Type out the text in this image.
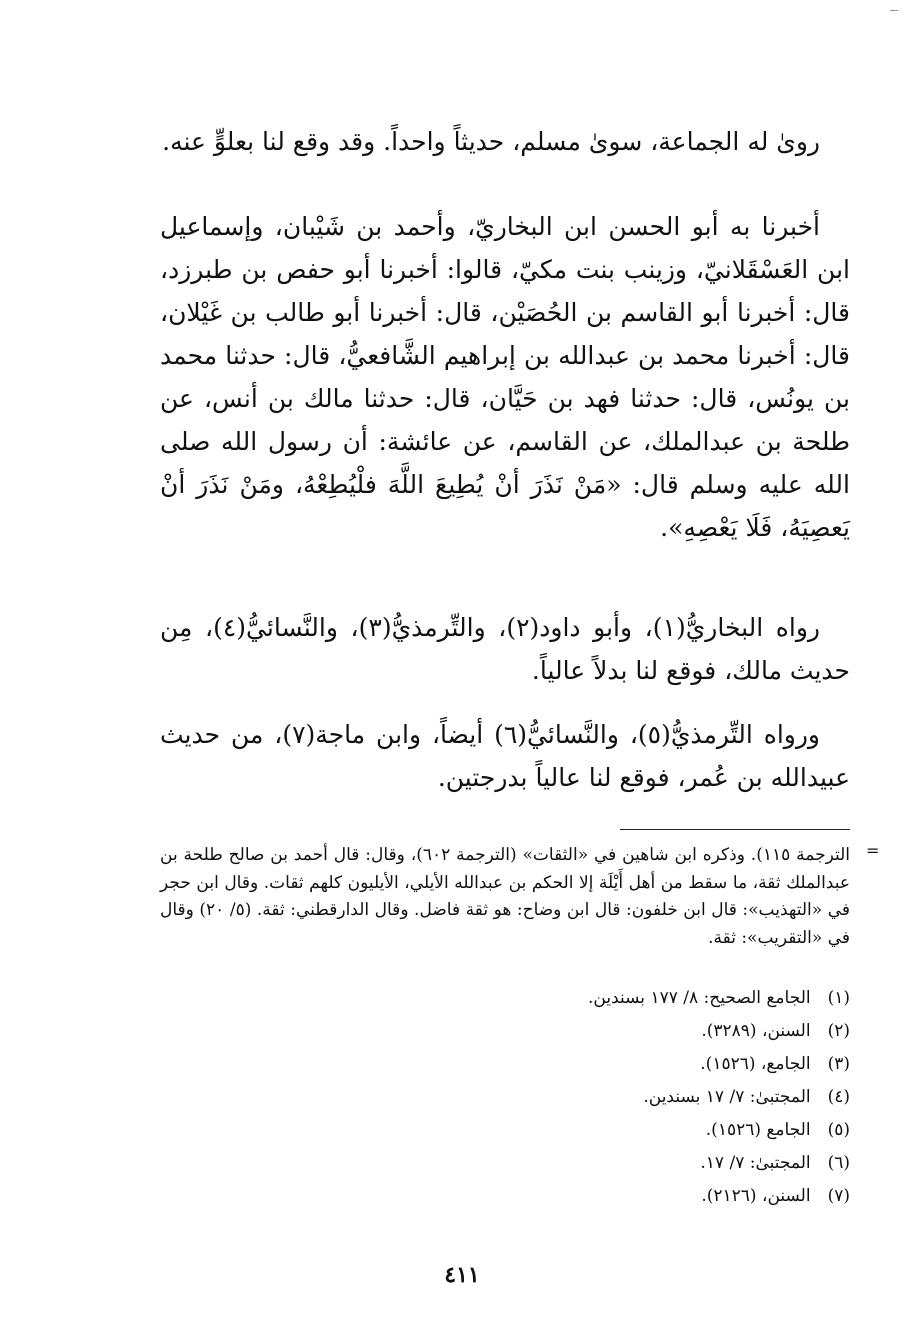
روىٰ له الجماعة، سوىٰ مسلم، حديثاً واحداً. وقد وقع لنا بعلوٍّ عنه.

أخبرنا به أبو الحسن ابن البخاريّ، وأحمد بن شَيْبان، وإسماعيل ابن العَسْقَلانيّ، وزينب بنت مكيّ، قالوا: أخبرنا أبو حفص بن طبرزد، قال: أخبرنا أبو القاسم بن الحُصَيْن، قال: أخبرنا أبو طالب بن غَيْلان، قال: أخبرنا محمد بن عبدالله بن إبراهيم الشَّافعيُّ، قال: حدثنا محمد بن يونُس، قال: حدثنا فهد بن حَيَّان، قال: حدثنا مالك بن أنس، عن طلحة بن عبدالملك، عن القاسم، عن عائشة: أن رسول الله صلى الله عليه وسلم قال: «مَنْ نَذَرَ أنْ يُطِيعَ اللَّهَ فلْيُطِعْهُ، ومَنْ نَذَرَ أنْ يَعصِيَهُ، فَلَا يَعْصِهِ».

رواه البخاريُّ(١)، وأبو داود(٢)، والتِّرمذيُّ(٣)، والنَّسائيُّ(٤)، مِن حديث مالك، فوقع لنا بدلاً عالياً.

ورواه التِّرمذيُّ(٥)، والنَّسائيُّ(٦) أيضاً، وابن ماجة(٧)، من حديث عبيدالله بن عُمر، فوقع لنا عالياً بدرجتين.

=
الترجمة ١١٥). وذكره ابن شاهين في «الثقات» (الترجمة ٦٠٢)، وقال: قال أحمد بن صالح طلحة بن عبدالملك ثقة، ما سقط من أهل أَيْلَة إلا الحكم بن عبدالله الأيلي، الأيليون كلهم ثقات. وقال ابن حجر في «التهذيب»: قال ابن خلفون: قال ابن وضاح: هو ثقة فاضل. وقال الدارقطني: ثقة. (٥/ ٢٠) وقال في «التقريب»: ثقة.
(١) الجامع الصحيح: ٨/ ١٧٧ بسندين.
(٢) السنن، (٣٢٨٩).
(٣) الجامع، (١٥٢٦).
(٤) المجتبىٰ: ٧/ ١٧ بسندين.
(٥) الجامع (١٥٢٦).
(٦) المجتبىٰ: ٧/ ١٧.
(٧) السنن، (٢١٢٦).
٤١١
